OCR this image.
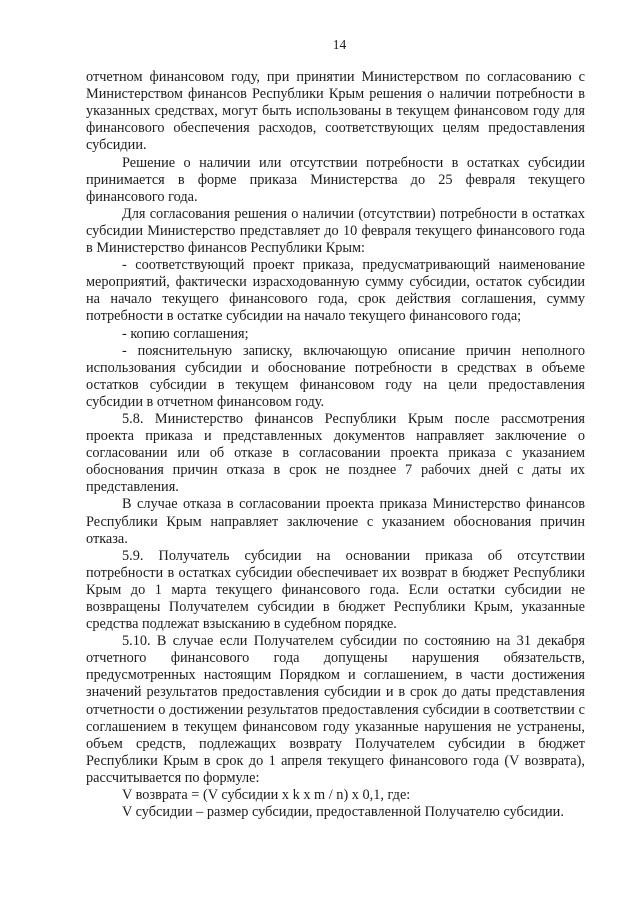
14

отчетном финансовом году, при принятии Министерством по согласованию с Министерством финансов Республики Крым решения о наличии потребности в указанных средствах, могут быть использованы в текущем финансовом году для финансового обеспечения расходов, соответствующих целям предоставления субсидии.

Решение о наличии или отсутствии потребности в остатках субсидии принимается в форме приказа Министерства до 25 февраля текущего финансового года.

Для согласования решения о наличии (отсутствии) потребности в остатках субсидии Министерство представляет до 10 февраля текущего финансового года в Министерство финансов Республики Крым:

- соответствующий проект приказа, предусматривающий наименование мероприятий, фактически израсходованную сумму субсидии, остаток субсидии на начало текущего финансового года, срок действия соглашения, сумму потребности в остатке субсидии на начало текущего финансового года;

- копию соглашения;

- пояснительную записку, включающую описание причин неполного использования субсидии и обоснование потребности в средствах в объеме остатков субсидии в текущем финансовом году на цели предоставления субсидии в отчетном финансовом году.

5.8. Министерство финансов Республики Крым после рассмотрения проекта приказа и представленных документов направляет заключение о согласовании или об отказе в согласовании проекта приказа с указанием обоснования причин отказа в срок не позднее 7 рабочих дней с даты их представления.

В случае отказа в согласовании проекта приказа Министерство финансов Республики Крым направляет заключение с указанием обоснования причин отказа.

5.9. Получатель субсидии на основании приказа об отсутствии потребности в остатках субсидии обеспечивает их возврат в бюджет Республики Крым до 1 марта текущего финансового года. Если остатки субсидии не возвращены Получателем субсидии в бюджет Республики Крым, указанные средства подлежат взысканию в судебном порядке.

5.10. В случае если Получателем субсидии по состоянию на 31 декабря отчетного финансового года допущены нарушения обязательств, предусмотренных настоящим Порядком и соглашением, в части достижения значений результатов предоставления субсидии и в срок до даты представления отчетности о достижении результатов предоставления субсидии в соответствии с соглашением в текущем финансовом году указанные нарушения не устранены, объем средств, подлежащих возврату Получателем субсидии в бюджет Республики Крым в срок до 1 апреля текущего финансового года (V возврата), рассчитывается по формуле:

V возврата = (V субсидии x k x m / n) x 0,1, где:

V субсидии – размер субсидии, предоставленной Получателю субсидии.
